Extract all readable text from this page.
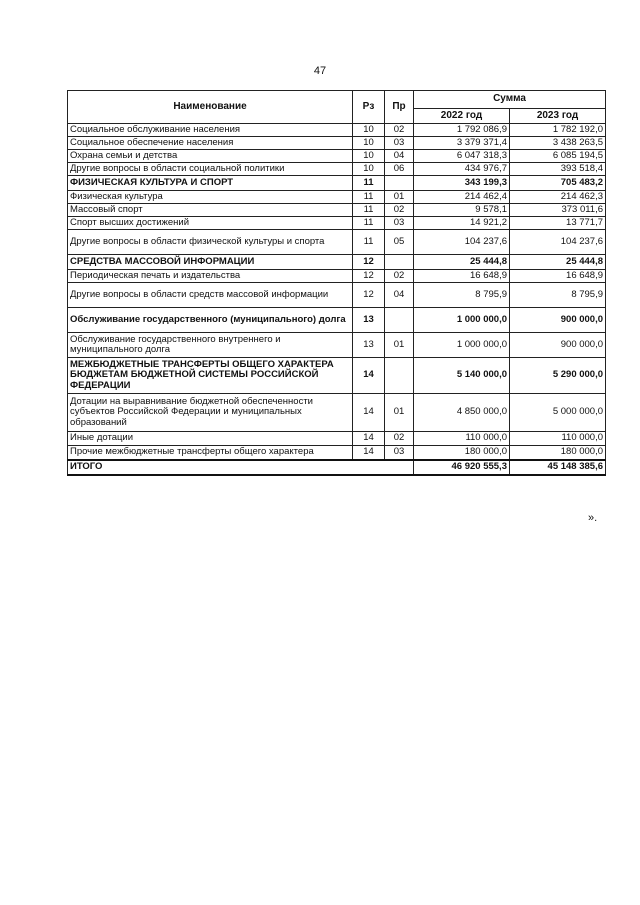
47
Наименование	Рз	Пр	Сумма	
			2022 год	2023 год
Социальное обслуживание населения	10	02	1 792 086,9	1 782 192,0
Социальное обеспечение населения	10	03	3 379 371,4	3 438 263,5
Охрана семьи и детства	10	04	6 047 318,3	6 085 194,5
Другие вопросы в области социальной политики	10	06	434 976,7	393 518,4
ФИЗИЧЕСКАЯ КУЛЬТУРА И СПОРТ	11		343 199,3	705 483,2
Физическая культура	11	01	214 462,4	214 462,3
Массовый спорт	11	02	9 578,1	373 011,6
Спорт высших достижений	11	03	14 921,2	13 771,7
Другие вопросы в области физической культуры и спорта	11	05	104 237,6	104 237,6
СРЕДСТВА МАССОВОЙ ИНФОРМАЦИИ	12		25 444,8	25 444,8
Периодическая печать и издательства	12	02	16 648,9	16 648,9
Другие вопросы в области средств массовой информации	12	04	8 795,9	8 795,9
Обслуживание государственного (муниципального) долга	13		1 000 000,0	900 000,0
Обслуживание государственного внутреннего и муниципального долга	13	01	1 000 000,0	900 000,0
МЕЖБЮДЖЕТНЫЕ ТРАНСФЕРТЫ ОБЩЕГО ХАРАКТЕРА БЮДЖЕТАМ БЮДЖЕТНОЙ СИСТЕМЫ РОССИЙСКОЙ ФЕДЕРАЦИИ	14		5 140 000,0	5 290 000,0
Дотации на выравнивание бюджетной обеспеченности субъектов Российской Федерации и муниципальных образований	14	01	4 850 000,0	5 000 000,0
Иные дотации	14	02	110 000,0	110 000,0
Прочие межбюджетные трансферты общего характера	14	03	180 000,0	180 000,0
ИТОГО			46 920 555,3	45 148 385,6
».
